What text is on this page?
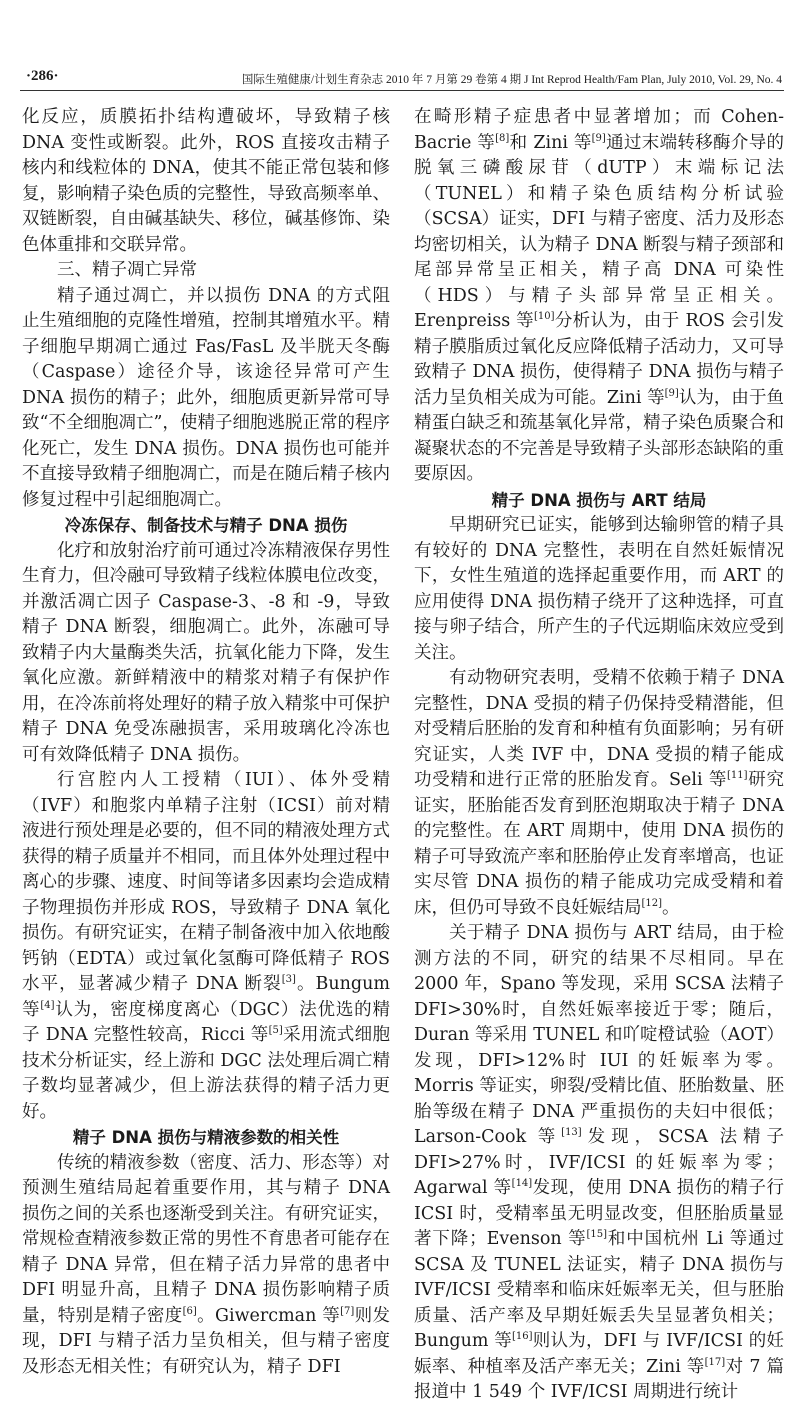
·286·	国际生殖健康/计划生育杂志 2010 年 7 月第 29 卷第 4 期 J Int Reprod Health/Fam Plan, July 2010, Vol. 29, No. 4

化反应，质膜拓扑结构遭破坏，导致精子核 DNA 变性或断裂。此外，ROS 直接攻击精子核内和线粒体的 DNA，使其不能正常包装和修复，影响精子染色质的完整性，导致高频率单、双链断裂，自由碱基缺失、移位，碱基修饰、染色体重排和交联异常。

三、精子凋亡异常

精子通过凋亡，并以损伤 DNA 的方式阻止生殖细胞的克隆性增殖，控制其增殖水平。精子细胞早期凋亡通过 Fas/FasL 及半胱天冬酶（Caspase）途径介导，该途径异常可产生 DNA 损伤的精子；此外，细胞质更新异常可导致“不全细胞凋亡”，使精子细胞逃脱正常的程序化死亡，发生 DNA 损伤。DNA 损伤也可能并不直接导致精子细胞凋亡，而是在随后精子核内修复过程中引起细胞凋亡。

冷冻保存、制备技术与精子 DNA 损伤

化疗和放射治疗前可通过冷冻精液保存男性生育力，但冷融可导致精子线粒体膜电位改变，并激活凋亡因子 Caspase-3、-8 和 -9，导致精子 DNA 断裂，细胞凋亡。此外，冻融可导致精子内大量酶类失活，抗氧化能力下降，发生氧化应激。新鲜精液中的精浆对精子有保护作用，在冷冻前将处理好的精子放入精浆中可保护精子 DNA 免受冻融损害，采用玻璃化冷冻也可有效降低精子 DNA 损伤。

行宫腔内人工授精（IUI）、体外受精（IVF）和胞浆内单精子注射（ICSI）前对精液进行预处理是必要的，但不同的精液处理方式获得的精子质量并不相同，而且体外处理过程中离心的步骤、速度、时间等诸多因素均会造成精子物理损伤并形成 ROS，导致精子 DNA 氧化损伤。有研究证实，在精子制备液中加入依地酸钙钠（EDTA）或过氧化氢酶可降低精子 ROS 水平，显著减少精子 DNA 断裂[3]。Bungum 等[4]认为，密度梯度离心（DGC）法优选的精子 DNA 完整性较高，Ricci 等[5]采用流式细胞技术分析证实，经上游和 DGC 法处理后凋亡精子数均显著减少，但上游法获得的精子活力更好。

精子 DNA 损伤与精液参数的相关性

传统的精液参数（密度、活力、形态等）对预测生殖结局起着重要作用，其与精子 DNA 损伤之间的关系也逐渐受到关注。有研究证实，常规检查精液参数正常的男性不育患者可能存在精子 DNA 异常，但在精子活力异常的患者中 DFI 明显升高，且精子 DNA 损伤影响精子质量，特别是精子密度[6]。Giwercman 等[7]则发现，DFI 与精子活力呈负相关，但与精子密度及形态无相关性；有研究认为，精子 DFI

在畸形精子症患者中显著增加；而 Cohen-Bacrie 等[8]和 Zini 等[9]通过末端转移酶介导的脱氧三磷酸尿苷（dUTP）末端标记法（TUNEL）和精子染色质结构分析试验（SCSA）证实，DFI 与精子密度、活力及形态均密切相关，认为精子 DNA 断裂与精子颈部和尾部异常呈正相关，精子高 DNA 可染性（HDS）与精子头部异常呈正相关。Erenpreiss 等[10]分析认为，由于 ROS 会引发精子膜脂质过氧化反应降低精子活动力，又可导致精子 DNA 损伤，使得精子 DNA 损伤与精子活力呈负相关成为可能。Zini 等[9]认为，由于鱼精蛋白缺乏和巯基氧化异常，精子染色质聚合和凝聚状态的不完善是导致精子头部形态缺陷的重要原因。

精子 DNA 损伤与 ART 结局

早期研究已证实，能够到达输卵管的精子具有较好的 DNA 完整性，表明在自然妊娠情况下，女性生殖道的选择起重要作用，而 ART 的应用使得 DNA 损伤精子绕开了这种选择，可直接与卵子结合，所产生的子代远期临床效应受到关注。

有动物研究表明，受精不依赖于精子 DNA 完整性，DNA 受损的精子仍保持受精潜能，但对受精后胚胎的发育和种植有负面影响；另有研究证实，人类 IVF 中，DNA 受损的精子能成功受精和进行正常的胚胎发育。Seli 等[11]研究证实，胚胎能否发育到胚泡期取决于精子 DNA 的完整性。在 ART 周期中，使用 DNA 损伤的精子可导致流产率和胚胎停止发育率增高，也证实尽管 DNA 损伤的精子能成功完成受精和着床，但仍可导致不良妊娠结局[12]。

关于精子 DNA 损伤与 ART 结局，由于检测方法的不同，研究的结果不尽相同。早在 2000 年，Spano 等发现，采用 SCSA 法精子 DFI>30%时，自然妊娠率接近于零；随后，Duran 等采用 TUNEL 和吖啶橙试验（AOT）发现，DFI>12%时 IUI 的妊娠率为零。Morris 等证实，卵裂/受精比值、胚胎数量、胚胎等级在精子 DNA 严重损伤的夫妇中很低；Larson-Cook 等[13]发现，SCSA 法精子 DFI>27%时，IVF/ICSI 的妊娠率为零；Agarwal 等[14]发现，使用 DNA 损伤的精子行 ICSI 时，受精率虽无明显改变，但胚胎质量显著下降；Evenson 等[15]和中国杭州 Li 等通过 SCSA 及 TUNEL 法证实，精子 DNA 损伤与 IVF/ICSI 受精率和临床妊娠率无关，但与胚胎质量、活产率及早期妊娠丢失呈显著负相关；Bungum 等[16]则认为，DFI 与 IVF/ICSI 的妊娠率、种植率及活产率无关；Zini 等[17]对 7 篇报道中 1 549 个 IVF/ICSI 周期进行统计
